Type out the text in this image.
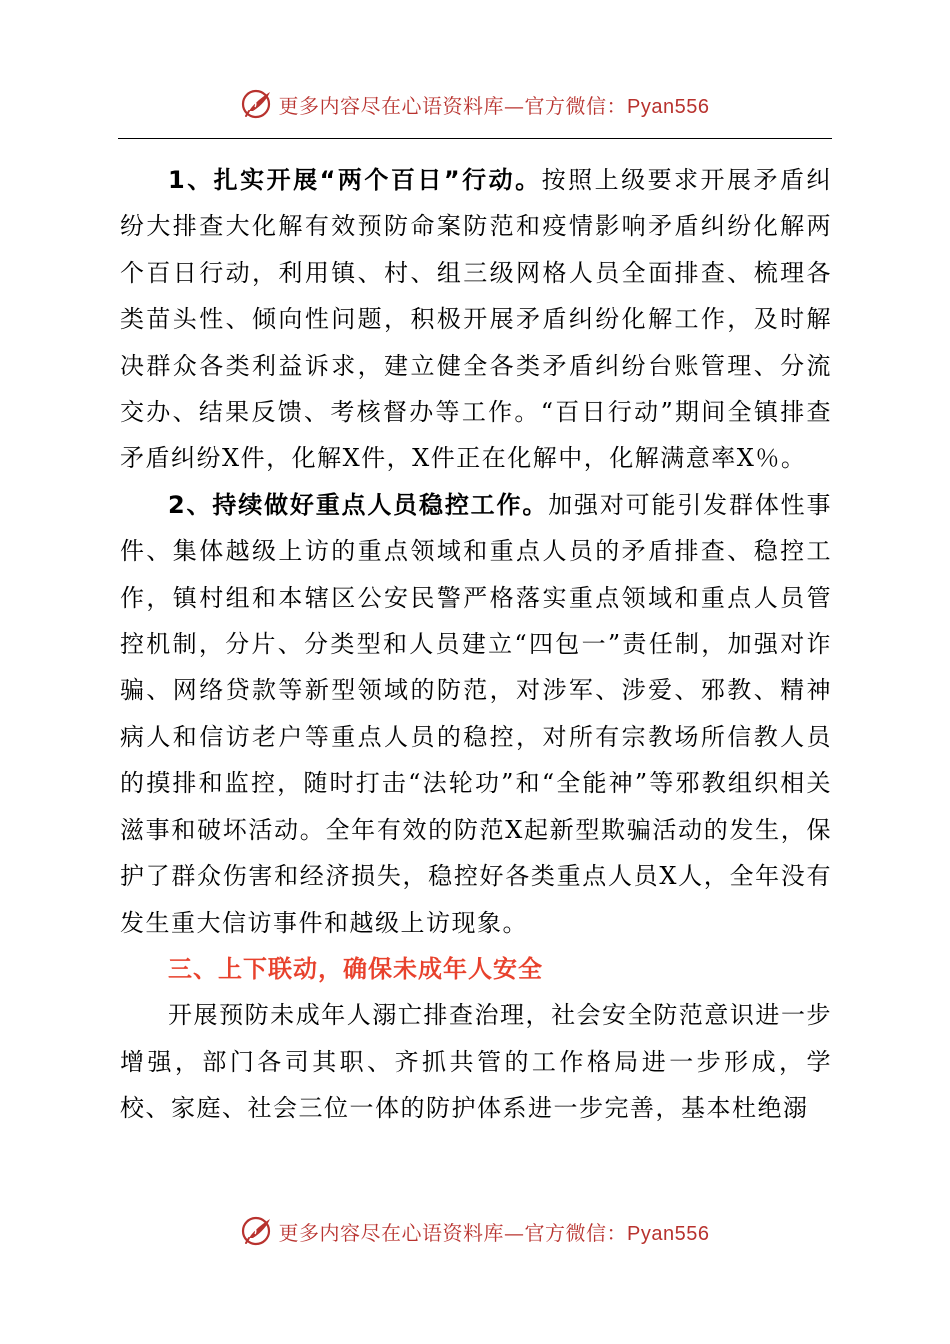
更多内容尽在心语资料库—官方微信：Pyan556

1、扎实开展“两个百日”行动。按照上级要求开展矛盾纠纷大排查大化解有效预防命案防范和疫情影响矛盾纠纷化解两个百日行动，利用镇、村、组三级网格人员全面排查、梳理各类苗头性、倾向性问题，积极开展矛盾纠纷化解工作，及时解决群众各类利益诉求，建立健全各类矛盾纠纷台账管理、分流交办、结果反馈、考核督办等工作。“百日行动”期间全镇排查矛盾纠纷X件，化解X件，X件正在化解中，化解满意率X％。

2、持续做好重点人员稳控工作。加强对可能引发群体性事件、集体越级上访的重点领域和重点人员的矛盾排查、稳控工作，镇村组和本辖区公安民警严格落实重点领域和重点人员管控机制，分片、分类型和人员建立“四包一”责任制，加强对诈骗、网络贷款等新型领域的防范，对涉军、涉爱、邪教、精神病人和信访老户等重点人员的稳控，对所有宗教场所信教人员的摸排和监控，随时打击“法轮功”和“全能神”等邪教组织相关滋事和破坏活动。全年有效的防范X起新型欺骗活动的发生，保护了群众伤害和经济损失，稳控好各类重点人员X人，全年没有发生重大信访事件和越级上访现象。

三、上下联动，确保未成年人安全

开展预防未成年人溺亡排查治理，社会安全防范意识进一步增强，部门各司其职、齐抓共管的工作格局进一步形成，学校、家庭、社会三位一体的防护体系进一步完善，基本杜绝溺

更多内容尽在心语资料库—官方微信：Pyan556
